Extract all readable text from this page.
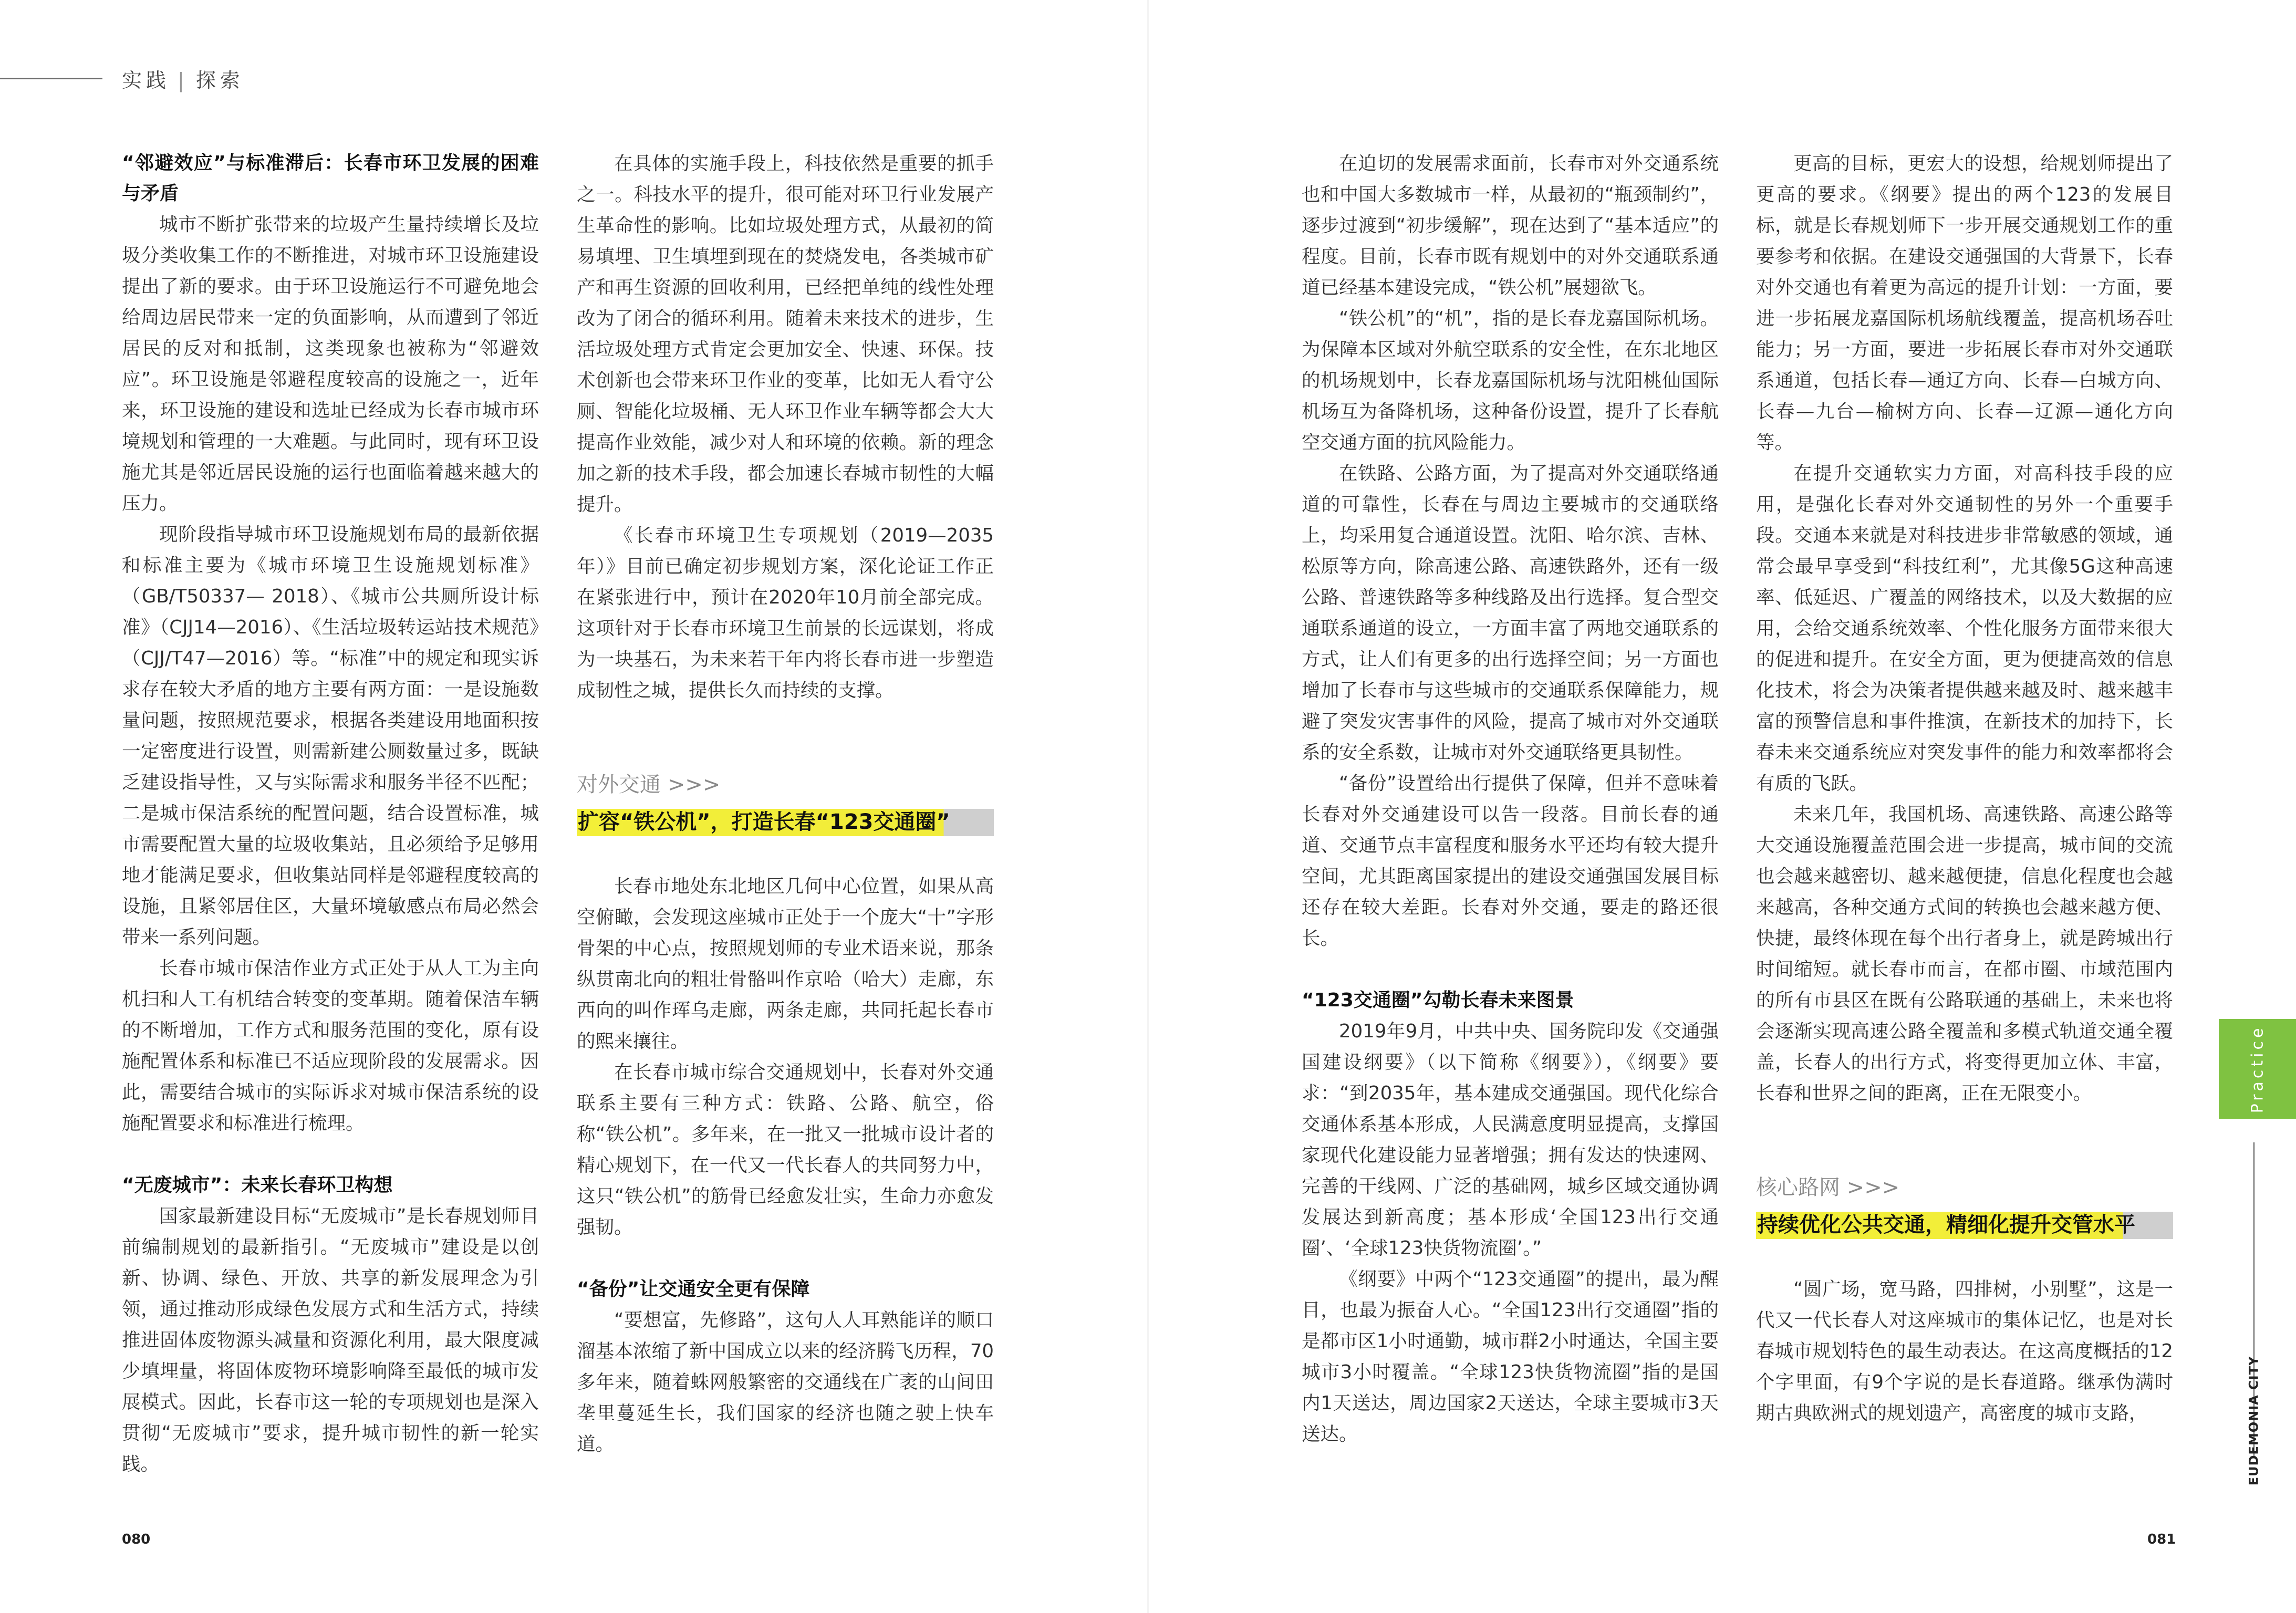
实践 | 探索
“邻避效应”与标准滞后：长春市环卫发展的困难与矛盾

城市不断扩张带来的垃圾产生量持续增长及垃圾分类收集工作的不断推进，对城市环卫设施建设提出了新的要求。由于环卫设施运行不可避免地会给周边居民带来一定的负面影响，从而遭到了邻近居民的反对和抵制，这类现象也被称为“邻避效应”。环卫设施是邻避程度较高的设施之一，近年来，环卫设施的建设和选址已经成为长春市城市环境规划和管理的一大难题。与此同时，现有环卫设施尤其是邻近居民设施的运行也面临着越来越大的压力。

现阶段指导城市环卫设施规划布局的最新依据和标准主要为《城市环境卫生设施规划标准》（GB/T50337— 2018）、《城市公共厕所设计标准》（CJJ14—2016）、《生活垃圾转运站技术规范》（CJJ/T47—2016）等。“标准”中的规定和现实诉求存在较大矛盾的地方主要有两方面：一是设施数量问题，按照规范要求，根据各类建设用地面积按一定密度进行设置，则需新建公厕数量过多，既缺乏建设指导性，又与实际需求和服务半径不匹配；二是城市保洁系统的配置问题，结合设置标准，城市需要配置大量的垃圾收集站，且必须给予足够用地才能满足要求，但收集站同样是邻避程度较高的设施，且紧邻居住区，大量环境敏感点布局必然会带来一系列问题。

长春市城市保洁作业方式正处于从人工为主向机扫和人工有机结合转变的变革期。随着保洁车辆的不断增加，工作方式和服务范围的变化，原有设施配置体系和标准已不适应现阶段的发展需求。因此，需要结合城市的实际诉求对城市保洁系统的设施配置要求和标准进行梳理。

“无废城市”：未来长春环卫构想

国家最新建设目标“无废城市”是长春规划师目前编制规划的最新指引。“无废城市”建设是以创新、协调、绿色、开放、共享的新发展理念为引领，通过推动形成绿色发展方式和生活方式，持续推进固体废物源头减量和资源化利用，最大限度减少填埋量，将固体废物环境影响降至最低的城市发展模式。因此，长春市这一轮的专项规划也是深入贯彻“无废城市”要求，提升城市韧性的新一轮实践。

在具体的实施手段上，科技依然是重要的抓手之一。科技水平的提升，很可能对环卫行业发展产生革命性的影响。比如垃圾处理方式，从最初的简易填埋、卫生填埋到现在的焚烧发电，各类城市矿产和再生资源的回收利用，已经把单纯的线性处理改为了闭合的循环利用。随着未来技术的进步，生活垃圾处理方式肯定会更加安全、快速、环保。技术创新也会带来环卫作业的变革，比如无人看守公厕、智能化垃圾桶、无人环卫作业车辆等都会大大提高作业效能，减少对人和环境的依赖。新的理念加之新的技术手段，都会加速长春城市韧性的大幅提升。

《长春市环境卫生专项规划（2019—2035年）》目前已确定初步规划方案，深化论证工作正在紧张进行中，预计在2020年10月前全部完成。这项针对于长春市环境卫生前景的长远谋划，将成为一块基石，为未来若干年内将长春市进一步塑造成韧性之城，提供长久而持续的支撑。

对外交通 >>>
扩容“铁公机”，打造长春“123交通圈”

长春市地处东北地区几何中心位置，如果从高空俯瞰，会发现这座城市正处于一个庞大“十”字形骨架的中心点，按照规划师的专业术语来说，那条纵贯南北向的粗壮骨骼叫作京哈（哈大）走廊，东西向的叫作珲乌走廊，两条走廊，共同托起长春市的熙来攘往。

在长春市城市综合交通规划中，长春对外交通联系主要有三种方式：铁路、公路、航空，俗称“铁公机”。多年来，在一批又一批城市设计者的精心规划下，在一代又一代长春人的共同努力中，这只“铁公机”的筋骨已经愈发壮实，生命力亦愈发强韧。

“备份”让交通安全更有保障

“要想富，先修路”，这句人人耳熟能详的顺口溜基本浓缩了新中国成立以来的经济腾飞历程，70多年来，随着蛛网般繁密的交通线在广袤的山间田垄里蔓延生长，我们国家的经济也随之驶上快车道。

在迫切的发展需求面前，长春市对外交通系统也和中国大多数城市一样，从最初的“瓶颈制约”，逐步过渡到“初步缓解”，现在达到了“基本适应”的程度。目前，长春市既有规划中的对外交通联系通道已经基本建设完成，“铁公机”展翅欲飞。

“铁公机”的“机”，指的是长春龙嘉国际机场。为保障本区域对外航空联系的安全性，在东北地区的机场规划中，长春龙嘉国际机场与沈阳桃仙国际机场互为备降机场，这种备份设置，提升了长春航空交通方面的抗风险能力。

在铁路、公路方面，为了提高对外交通联络通道的可靠性，长春在与周边主要城市的交通联络上，均采用复合通道设置。沈阳、哈尔滨、吉林、松原等方向，除高速公路、高速铁路外，还有一级公路、普速铁路等多种线路及出行选择。复合型交通联系通道的设立，一方面丰富了两地交通联系的方式，让人们有更多的出行选择空间；另一方面也增加了长春市与这些城市的交通联系保障能力，规避了突发灾害事件的风险，提高了城市对外交通联系的安全系数，让城市对外交通联络更具韧性。

“备份”设置给出行提供了保障，但并不意味着长春对外交通建设可以告一段落。目前长春的通道、交通节点丰富程度和服务水平还均有较大提升空间，尤其距离国家提出的建设交通强国发展目标还存在较大差距。长春对外交通，要走的路还很长。

“123交通圈”勾勒长春未来图景

2019年9月，中共中央、国务院印发《交通强国建设纲要》（以下简称《纲要》），《纲要》要求：“到2035年，基本建成交通强国。现代化综合交通体系基本形成，人民满意度明显提高，支撑国家现代化建设能力显著增强；拥有发达的快速网、完善的干线网、广泛的基础网，城乡区域交通协调发展达到新高度；基本形成‘全国123出行交通圈’、‘全球123快货物流圈’。”

《纲要》中两个“123交通圈”的提出，最为醒目，也最为振奋人心。“全国123出行交通圈”指的是都市区1小时通勤，城市群2小时通达，全国主要城市3小时覆盖。“全球123快货物流圈”指的是国内1天送达，周边国家2天送达，全球主要城市3天送达。

更高的目标，更宏大的设想，给规划师提出了更高的要求。《纲要》提出的两个123的发展目标，就是长春规划师下一步开展交通规划工作的重要参考和依据。在建设交通强国的大背景下，长春对外交通也有着更为高远的提升计划：一方面，要进一步拓展龙嘉国际机场航线覆盖，提高机场吞吐能力；另一方面，要进一步拓展长春市对外交通联系通道，包括长春—通辽方向、长春—白城方向、长春—九台—榆树方向、长春—辽源—通化方向等。

在提升交通软实力方面，对高科技手段的应用，是强化长春对外交通韧性的另外一个重要手段。交通本来就是对科技进步非常敏感的领域，通常会最早享受到“科技红利”，尤其像5G这种高速率、低延迟、广覆盖的网络技术，以及大数据的应用，会给交通系统效率、个性化服务方面带来很大的促进和提升。在安全方面，更为便捷高效的信息化技术，将会为决策者提供越来越及时、越来越丰富的预警信息和事件推演，在新技术的加持下，长春未来交通系统应对突发事件的能力和效率都将会有质的飞跃。

未来几年，我国机场、高速铁路、高速公路等大交通设施覆盖范围会进一步提高，城市间的交流也会越来越密切、越来越便捷，信息化程度也会越来越高，各种交通方式间的转换也会越来越方便、快捷，最终体现在每个出行者身上，就是跨城出行时间缩短。就长春市而言，在都市圈、市域范围内的所有市县区在既有公路联通的基础上，未来也将会逐渐实现高速公路全覆盖和多模式轨道交通全覆盖，长春人的出行方式，将变得更加立体、丰富，长春和世界之间的距离，正在无限变小。

核心路网 >>>
持续优化公共交通，精细化提升交管水平

“圆广场，宽马路，四排树，小别墅”，这是一代又一代长春人对这座城市的集体记忆，也是对长春城市规划特色的最生动表达。在这高度概括的12个字里面，有9个字说的是长春道路。继承伪满时期古典欧洲式的规划遗产，高密度的城市支路，

Practice
EUDEMONIA CITY
080	081
